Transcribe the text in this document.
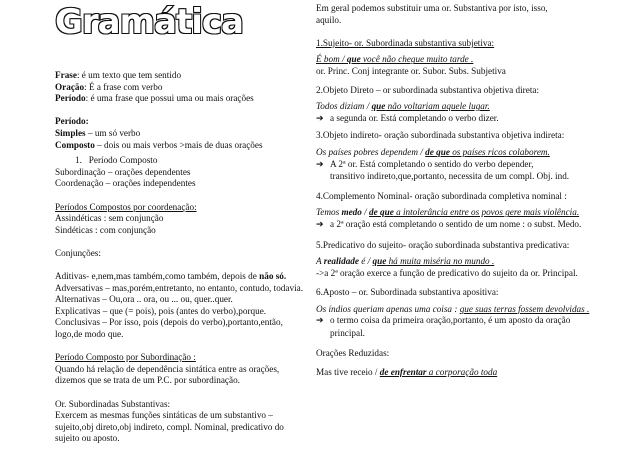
Gramática

Frase: é um texto que tem sentido

Oração: É a frase com verbo

Período: é uma frase que possui uma ou mais orações

Período:

Simples – um só verbo

Composto – dois ou mais verbos >mais de duas orações

1. Período Composto

Subordinação – orações dependentes

Coordenação – orações independentes

Períodos Compostos por coordenação:

Assindéticas : sem conjunção

Sindéticas : com conjunção

Conjunções:

Aditivas- e,nem,mas também,como também, depois de não só.

Adversativas – mas,porém,entretanto, no entanto, contudo, todavia.

Alternativas – Ou,ora .. ora, ou ... ou, quer..quer.

Explicativas – que (= pois), pois (antes do verbo),porque.

Conclusivas – Por isso, pois (depois do verbo),portanto,então,

logo,de modo que.

Período Composto por Subordinação :

Quando há relação de dependência sintática entre as orações,

dizemos que se trata de um P.C. por subordinação.

Or. Subordinadas Substantivas:

Exercem as mesmas funções sintáticas de um substantivo –

sujeito,obj direto,obj indireto, compl. Nominal, predicativo do

sujeito ou aposto.

Em geral podemos substituir uma or. Substantiva por isto, isso,

aquilo.

1.Sujeito- or. Subordinada substantiva subjetiva:

É bom / que você não chegue muito tarde .

or. Princ. Conj integrante or. Subor. Subs. Subjetiva

2.Objeto Direto – or subordinada substantiva objetiva direta:

Todos diziam / que não voltariam aquele lugar.

➔ a segunda or. Está completando o verbo dizer.

3.Objeto indireto- oração subordinada substantiva objetiva indireta:

Os países pobres dependem / de que os países ricos colaborem.

➔ A 2ª or. Está completando o sentido do verbo depender,
transitivo indireto,que,portanto, necessita de um compl. Obj. ind.

4.Complemento Nominal- oração subordinada completiva nominal :

Temos medo / de que a intolerância entre os povos gere mais violência.

➔ a 2ª oração está completando o sentido de um nome : o subst. Medo.

5.Predicativo do sujeito- oração subordinada substantiva predicativa:

A realidade é / que há muita miséria no mundo .

->a 2ª oração exerce a função de predicativo do sujeito da or. Principal.

6.Aposto – or. Subordinada substantiva apositiva:

Os índios queriam apenas uma coisa : que suas terras fossem devolvidas .

➔ o termo coisa da primeira oração,portanto, é um aposto da oração
principal.

Orações Reduzidas:

Mas tive receio / de enfrentar a corporação toda
